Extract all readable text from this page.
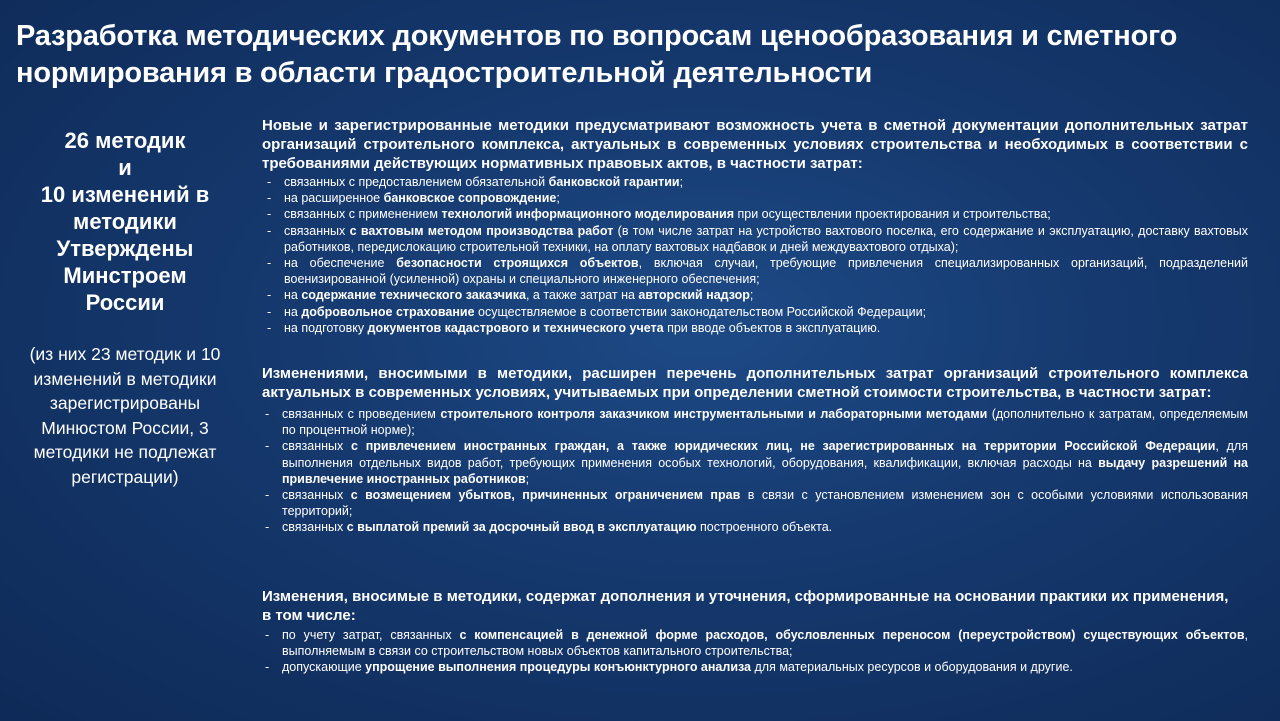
Разработка методических документов по вопросам ценообразования и сметного нормирования в области градостроительной деятельности
26 методик
и
10 изменений в методики
Утверждены Минстроем России
(из них 23 методик и 10 изменений в методики зарегистрированы Минюстом России, 3 методики не подлежат регистрации)

Новые и зарегистрированные методики предусматривают возможность учета в сметной документации дополнительных затрат организаций строительного комплекса, актуальных в современных условиях строительства и необходимых в соответствии с требованиями действующих нормативных правовых актов, в частности затрат:

- связанных с предоставлением обязательной банковской гарантии;
- на расширенное банковское сопровождение;
- связанных с применением технологий информационного моделирования при осуществлении проектирования и строительства;
- связанных с вахтовым методом производства работ (в том числе затрат на устройство вахтового поселка, его содержание и эксплуатацию, доставку вахтовых работников, передислокацию строительной техники, на оплату вахтовых надбавок и дней междувахтового отдыха);
- на обеспечение безопасности строящихся объектов, включая случаи, требующие привлечения специализированных организаций, подразделений военизированной (усиленной) охраны и специального инженерного обеспечения;
- на содержание технического заказчика, а также затрат на авторский надзор;
- на добровольное страхование осуществляемое в соответствии законодательством Российской Федерации;
- на подготовку документов кадастрового и технического учета при вводе объектов в эксплуатацию.

Изменениями, вносимыми в методики, расширен перечень дополнительных затрат организаций строительного комплекса актуальных в современных условиях, учитываемых при определении сметной стоимости строительства, в частности затрат:

- связанных с проведением строительного контроля заказчиком инструментальными и лабораторными методами (дополнительно к затратам, определяемым по процентной норме);
- связанных с привлечением иностранных граждан, а также юридических лиц, не зарегистрированных на территории Российской Федерации, для выполнения отдельных видов работ, требующих применения особых технологий, оборудования, квалификации, включая расходы на выдачу разрешений на привлечение иностранных работников;
- связанных с возмещением убытков, причиненных ограничением прав в связи с установлением изменением зон с особыми условиями использования территорий;
- связанных с выплатой премий за досрочный ввод в эксплуатацию построенного объекта.

Изменения, вносимые в методики, содержат дополнения и уточнения, сформированные на основании практики их применения,

в том числе:

- по учету затрат, связанных с компенсацией в денежной форме расходов, обусловленных переносом (переустройством) существующих объектов, выполняемым в связи со строительством новых объектов капитального строительства;
- допускающие упрощение выполнения процедуры конъюнктурного анализа для материальных ресурсов и оборудования и другие.
